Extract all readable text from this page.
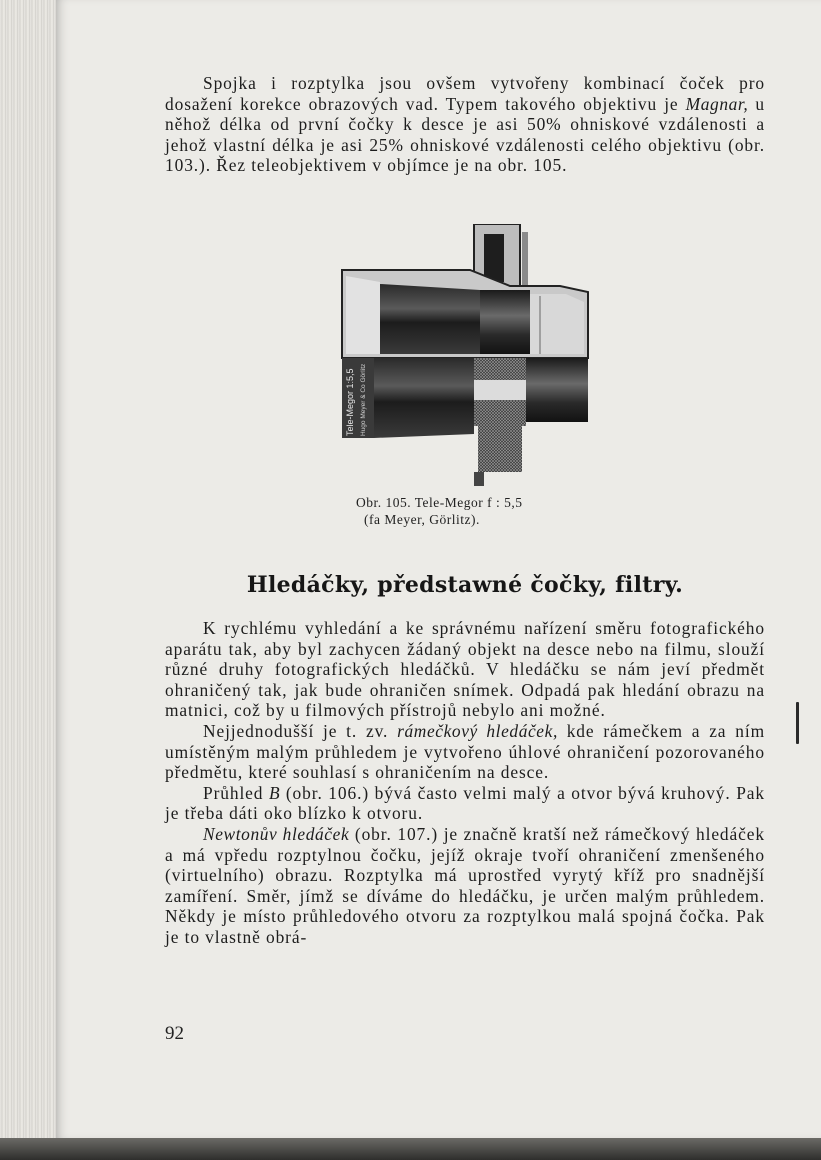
Spojka i rozptylka jsou ovšem vytvořeny kombinací čoček pro dosažení korekce obrazových vad. Typem takového objektivu je Magnar, u něhož délka od první čočky k desce je asi 50% ohniskové vzdálenosti a jehož vlastní délka je asi 25% ohniskové vzdálenosti celého objektivu (obr. 103.). Řez teleobjektivem v objímce je na obr. 105.

Tele-Megor 1:5,5 Hugo Meyer & Co Görlitz
Obr. 105. Tele-Megor f : 5,5
(fa Meyer, Görlitz).
Hledáčky, předstawné čočky, filtry.

K rychlému vyhledání a ke správnému nařízení směru fotografického aparátu tak, aby byl zachycen žádaný objekt na desce nebo na filmu, slouží různé druhy fotografických hledáčků. V hledáčku se nám jeví předmět ohraničený tak, jak bude ohraničen snímek. Odpadá pak hledání obrazu na matnici, což by u filmových přístrojů nebylo ani možné.

Nejjednodušší je t. zv. rámečkový hledáček, kde rámečkem a za ním umístěným malým průhledem je vytvořeno úhlové ohraničení pozorovaného předmětu, které souhlasí s ohraničením na desce.

Průhled B (obr. 106.) bývá často velmi malý a otvor bývá kruhový. Pak je třeba dáti oko blízko k otvoru.

Newtonův hledáček (obr. 107.) je značně kratší než rámečkový hledáček a má vpředu rozptylnou čočku, jejíž okraje tvoří ohraničení zmenšeného (virtuelního) obrazu. Rozptylka má uprostřed vyrytý kříž pro snadnější zamíření. Směr, jímž se díváme do hledáčku, je určen malým průhledem. Někdy je místo průhledového otvoru za rozptylkou malá spojná čočka. Pak je to vlastně obrá-

92
